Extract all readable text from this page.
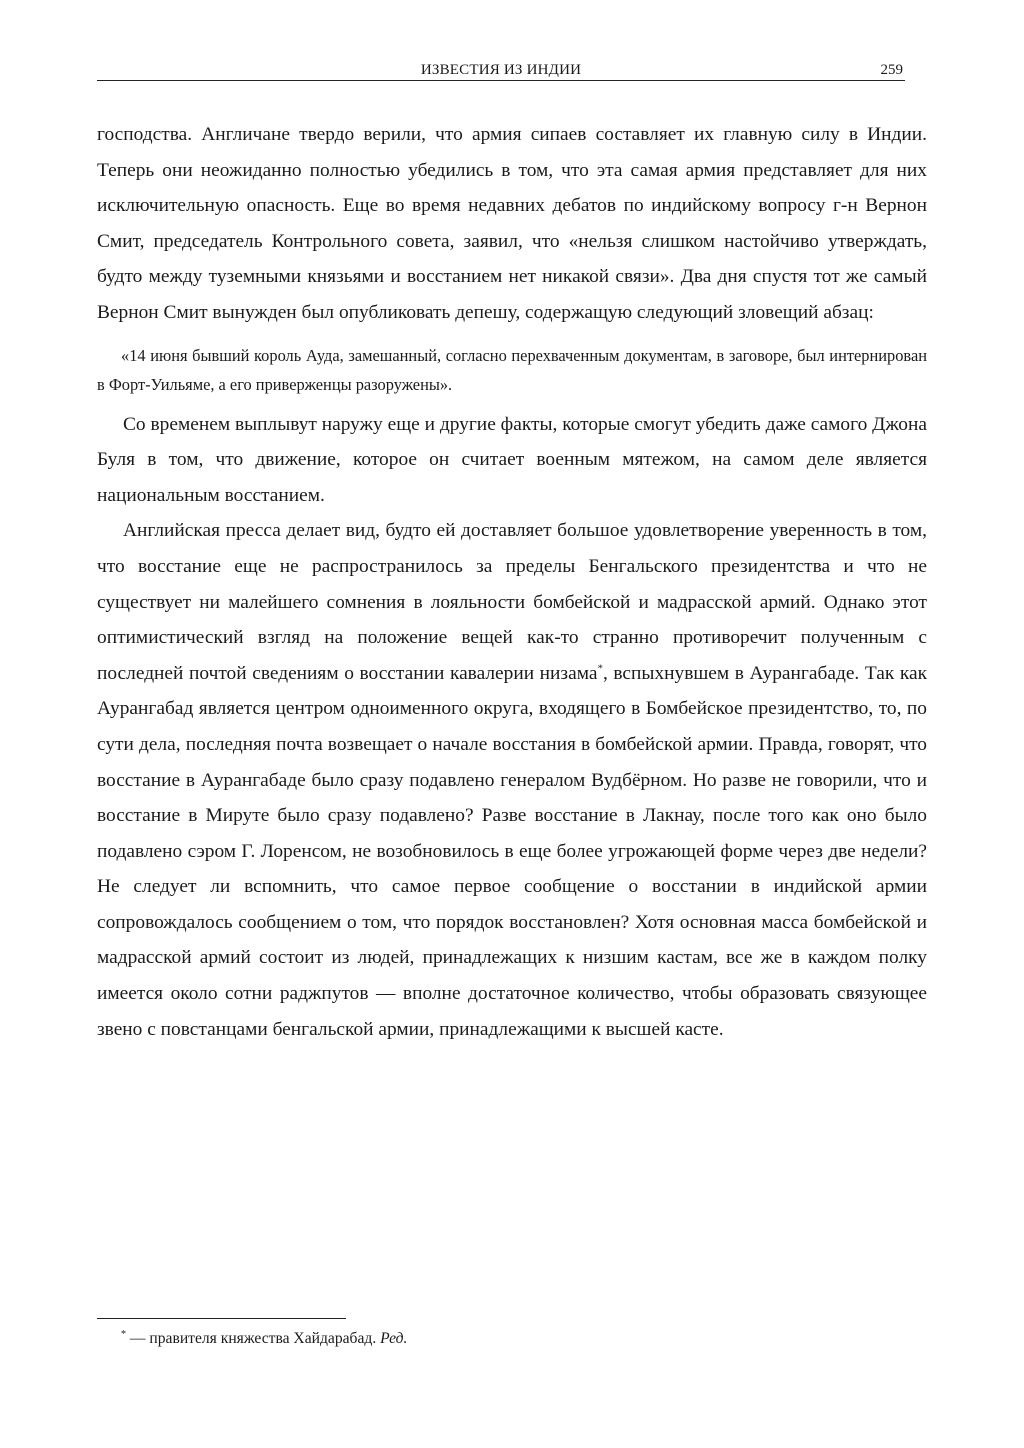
ИЗВЕСТИЯ ИЗ ИНДИИ	259

господства. Англичане твердо верили, что армия сипаев составляет их главную силу в Индии. Теперь они неожиданно полностью убедились в том, что эта самая армия представляет для них исключительную опасность. Еще во время недавних дебатов по индийскому вопросу г-н Вернон Смит, председатель Контрольного совета, заявил, что «нельзя слишком настойчиво утверждать, будто между туземными князьями и восстанием нет никакой связи». Два дня спустя тот же самый Вернон Смит вынужден был опубликовать депешу, содержащую следующий зловещий абзац:

«14 июня бывший король Ауда, замешанный, согласно перехваченным документам, в заговоре, был интернирован в Форт-Уильяме, а его приверженцы разоружены».

Со временем выплывут наружу еще и другие факты, которые смогут убедить даже самого Джона Буля в том, что движение, которое он считает военным мятежом, на самом деле является национальным восстанием.

Английская пресса делает вид, будто ей доставляет большое удовлетворение уверенность в том, что восстание еще не распространилось за пределы Бенгальского президентства и что не существует ни малейшего сомнения в лояльности бомбейской и мадрасской армий. Однако этот оптимистический взгляд на положение вещей как-то странно противоречит полученным с последней почтой сведениям о восстании кавалерии низама*, вспыхнувшем в Аурангабаде. Так как Аурангабад является центром одноименного округа, входящего в Бомбейское президентство, то, по сути дела, последняя почта возвещает о начале восстания в бомбейской армии. Правда, говорят, что восстание в Аурангабаде было сразу подавлено генералом Вудбёрном. Но разве не говорили, что и восстание в Мируте было сразу подавлено? Разве восстание в Лакнау, после того как оно было подавлено сэром Г. Лоренсом, не возобновилось в еще более угрожающей форме через две недели? Не следует ли вспомнить, что самое первое сообщение о восстании в индийской армии сопровождалось сообщением о том, что порядок восстановлен? Хотя основная масса бомбейской и мадрасской армий состоит из людей, принадлежащих к низшим кастам, все же в каждом полку имеется около сотни раджпутов — вполне достаточное количество, чтобы образовать связующее звено с повстанцами бенгальской армии, принадлежащими к высшей касте.

* — правителя княжества Хайдарабад. Ред.
